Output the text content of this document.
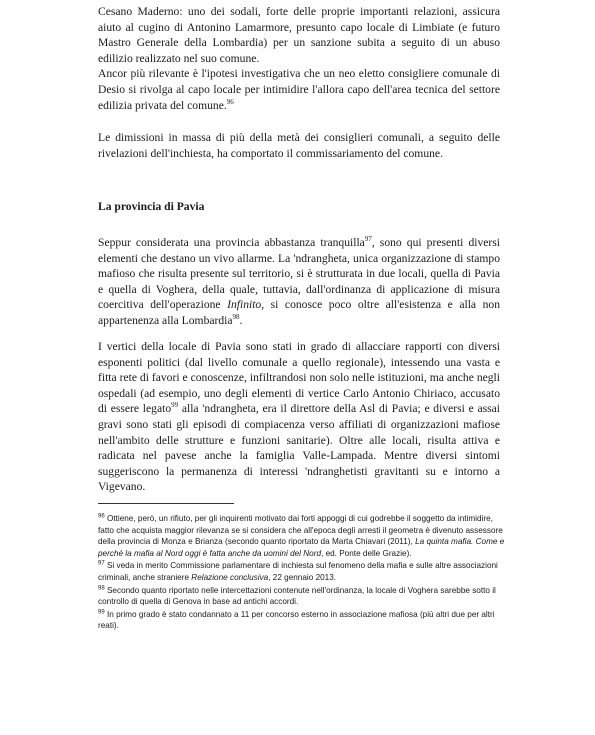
Cesano Maderno: uno dei sodali, forte delle proprie importanti relazioni, assicura aiuto al cugino di Antonino Lamarmore, presunto capo locale di Limbiate (e futuro Mastro Generale della Lombardia) per un sanzione subita a seguito di un abuso edilizio realizzato nel suo comune.

Ancor più rilevante è l'ipotesi investigativa che un neo eletto consigliere comunale di Desio si rivolga al capo locale per intimidire l'allora capo dell'area tecnica del settore edilizia privata del comune.$^{96}$

Le dimissioni in massa di più della metà dei consiglieri comunali, a seguito delle rivelazioni dell'inchiesta, ha comportato il commissariamento del comune.

La provincia di Pavia

Seppur considerata una provincia abbastanza tranquilla$^{97}$, sono qui presenti diversi elementi che destano un vivo allarme. La 'ndrangheta, unica organizzazione di stampo mafioso che risulta presente sul territorio, si è strutturata in due locali, quella di Pavia e quella di Voghera, della quale, tuttavia, dall'ordinanza di applicazione di misura coercitiva dell'operazione Infinito, si conosce poco oltre all'esistenza e alla non appartenenza alla Lombardia$^{98}$.

I vertici della locale di Pavia sono stati in grado di allacciare rapporti con diversi esponenti politici (dal livello comunale a quello regionale), intessendo una vasta e fitta rete di favori e conoscenze, infiltrandosi non solo nelle istituzioni, ma anche negli ospedali (ad esempio, uno degli elementi di vertice Carlo Antonio Chiriaco, accusato di essere legato$^{99}$ alla 'ndrangheta, era il direttore della Asl di Pavia; e diversi e assai gravi sono stati gli episodi di compiacenza verso affiliati di organizzazioni mafiose nell'ambito delle strutture e funzioni sanitarie). Oltre alle locali, risulta attiva e radicata nel pavese anche la famiglia Valle-Lampada. Mentre diversi sintomi suggeriscono la permanenza di interessi 'ndranghetisti gravitanti su e intorno a Vigevano.

$^{96}$ Ottiene, però, un rifiuto, per gli inquirenti motivato dai forti appoggi di cui godrebbe il soggetto da intimidire, fatto che acquista maggior rilevanza se si considera che all'epoca degli arresti il geometra è divenuto assessore della provincia di Monza e Brianza (secondo quanto riportato da Marta Chiavari (2011), La quinta mafia. Come e perché la mafia al Nord oggi è fatta anche da uomini del Nord, ed. Ponte delle Grazie).

$^{97}$ Si veda in merito Commissione parlamentare di inchiesta sul fenomeno della mafia e sulle altre associazioni criminali, anche straniere Relazione conclusiva, 22 gennaio 2013.

$^{98}$ Secondo quanto riportato nelle intercettazioni contenute nell'ordinanza, la locale di Voghera sarebbe sotto il controllo di quella di Genova in base ad antichi accordi.

$^{99}$ In primo grado è stato condannato a 11 per concorso esterno in associazione mafiosa (più altri due per altri reati).
